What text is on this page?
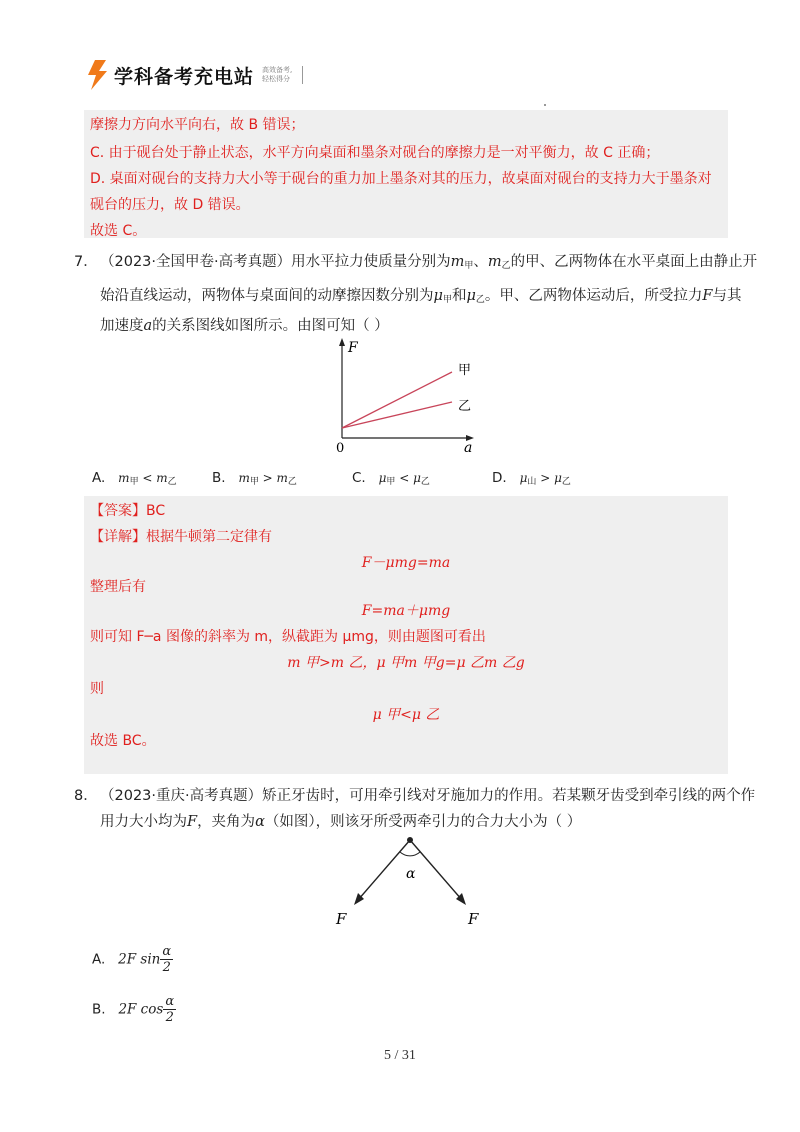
学科备考充电站 高效备考,
轻松得分
摩擦力方向水平向右，故 B 错误；
C. 由于砚台处于静止状态，水平方向桌面和墨条对砚台的摩擦力是一对平衡力，故 C 正确；
D. 桌面对砚台的支持力大小等于砚台的重力加上墨条对其的压力，故桌面对砚台的支持力大于墨条对
砚台的压力，故 D 错误。
故选 C。
7． （2023·全国甲卷·高考真题）用水平拉力使质量分别为$m_甲$、$m_乙$的甲、乙两物体在水平桌面上由静止开
始沿直线运动，两物体与桌面间的动摩擦因数分别为$\mu_甲$和$\mu_乙$。甲、乙两物体运动后，所受拉力F与其
加速度a的关系图线如图所示。由图可知（ ）
F
a
0
甲
乙
A. $m_甲 < m_乙$	B. $m_甲 > m_乙$	C. $\mu_甲 < \mu_乙$	D. $\mu_山 > \mu_乙$
【答案】BC
【详解】根据牛顿第二定律有
F－μmg=ma
整理后有
F=ma＋μmg
则可知 F─a 图像的斜率为 m，纵截距为 μmg，则由题图可看出
m 甲>m 乙，μ 甲m 甲g=μ 乙m 乙g
则
μ 甲<μ 乙
故选 BC。
8． （2023·重庆·高考真题）矫正牙齿时，可用牵引线对牙施加力的作用。若某颗牙齿受到牵引线的两个作
用力大小均为F，夹角为α（如图），则该牙所受两牵引力的合力大小为（ ）
α
F	F
A. 2F $\sin \frac{\alpha}{2}$
B. 2F $\cos \frac{\alpha}{2}$
5 / 31
